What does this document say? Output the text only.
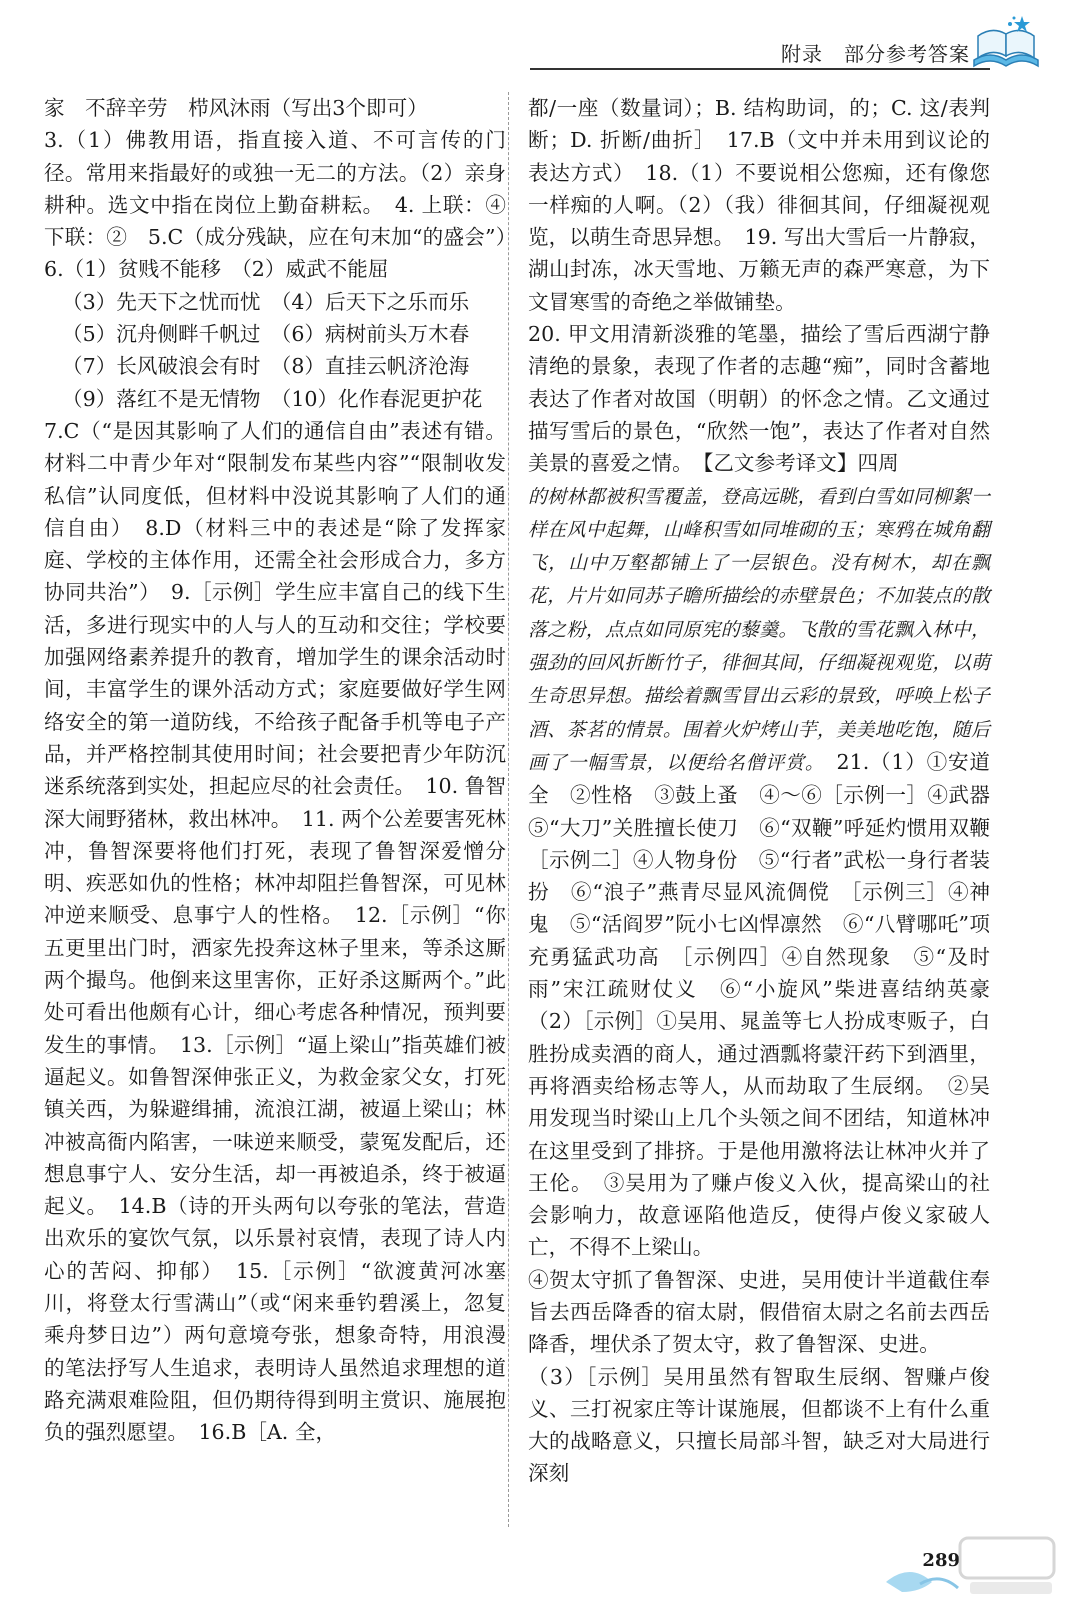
附录　部分参考答案

家　不辞辛劳　栉风沐雨（写出3个即可）

3.（1）佛教用语，指直接入道、不可言传的门径。常用来指最好的或独一无二的方法。（2）亲身耕种。选文中指在岗位上勤奋耕耘。　4. 上联：④　下联：②　5.C（成分残缺，应在句末加“的盛会”）　6.（1）贫贱不能移　（2）威武不能屈

（3）先天下之忧而忧　（4）后天下之乐而乐

（5）沉舟侧畔千帆过　（6）病树前头万木春

（7）长风破浪会有时　（8）直挂云帆济沧海

（9）落红不是无情物　（10）化作春泥更护花

7.C（“是因其影响了人们的通信自由”表述有错。材料二中青少年对“限制发布某些内容”“限制收发私信”认同度低，但材料中没说其影响了人们的通信自由）　8.D（材料三中的表述是“除了发挥家庭、学校的主体作用，还需全社会形成合力，多方协同共治”）　9.［示例］学生应丰富自己的线下生活，多进行现实中的人与人的互动和交往；学校要加强网络素养提升的教育，增加学生的课余活动时间，丰富学生的课外活动方式；家庭要做好学生网络安全的第一道防线，不给孩子配备手机等电子产品，并严格控制其使用时间；社会要把青少年防沉迷系统落到实处，担起应尽的社会责任。　10. 鲁智深大闹野猪林，救出林冲。　11. 两个公差要害死林冲，鲁智深要将他们打死，表现了鲁智深爱憎分明、疾恶如仇的性格；林冲却阻拦鲁智深，可见林冲逆来顺受、息事宁人的性格。　12.［示例］“你五更里出门时，洒家先投奔这林子里来，等杀这厮两个撮鸟。他倒来这里害你，正好杀这厮两个。”此处可看出他颇有心计，细心考虑各种情况，预判要发生的事情。　13.［示例］“逼上梁山”指英雄们被逼起义。如鲁智深伸张正义，为救金家父女，打死镇关西，为躲避缉捕，流浪江湖，被逼上梁山；林冲被高衙内陷害，一味逆来顺受，蒙冤发配后，还想息事宁人、安分生活，却一再被追杀，终于被逼起义。　14.B（诗的开头两句以夸张的笔法，营造出欢乐的宴饮气氛，以乐景衬哀情，表现了诗人内心的苦闷、抑郁）　15.［示例］“欲渡黄河冰塞川，将登太行雪满山”（或“闲来垂钓碧溪上，忽复乘舟梦日边”）两句意境夸张，想象奇特，用浪漫的笔法抒写人生追求，表明诗人虽然追求理想的道路充满艰难险阻，但仍期待得到明主赏识、施展抱负的强烈愿望。　16.B［A. 全，

都/一座（数量词）；B. 结构助词，的；C. 这/表判断；D. 折断/曲折］　17.B（文中并未用到议论的表达方式）　18.（1）不要说相公您痴，还有像您一样痴的人啊。（2）（我）徘徊其间，仔细凝视观览，以萌生奇思异想。　19. 写出大雪后一片静寂，湖山封冻，冰天雪地、万籁无声的森严寒意，为下文冒寒雪的奇绝之举做铺垫。

20. 甲文用清新淡雅的笔墨，描绘了雪后西湖宁静清绝的景象，表现了作者的志趣“痴”，同时含蓄地表达了作者对故国（明朝）的怀念之情。乙文通过描写雪后的景色，“欣然一饱”，表达了作者对自然美景的喜爱之情。　【乙文参考译文】四周

的树林都被积雪覆盖，登高远眺，看到白雪如同柳絮一样在风中起舞，山峰积雪如同堆砌的玉；寒鸦在城角翻飞，山中万壑都铺上了一层银色。没有树木，却在飘花，片片如同苏子瞻所描绘的赤壁景色；不加装点的散落之粉，点点如同原宪的藜羹。飞散的雪花飘入林中，强劲的回风折断竹子，徘徊其间，仔细凝视观览，以萌生奇思异想。描绘着飘雪冒出云彩的景致，呼唤上松子酒、茶茗的情景。围着火炉烤山芋，美美地吃饱，随后画了一幅雪景，以便给名僧评赏。　21.（1）①安道全　②性格　③鼓上蚤　④～⑥［示例一］④武器　⑤“大刀”关胜擅长使刀　⑥“双鞭”呼延灼惯用双鞭　［示例二］④人物身份　⑤“行者”武松一身行者装扮　⑥“浪子”燕青尽显风流倜傥　［示例三］④神鬼　⑤“活阎罗”阮小七凶悍凛然　⑥“八臂哪吒”项充勇猛武功高　［示例四］④自然现象　⑤“及时雨”宋江疏财仗义　⑥“小旋风”柴进喜结纳英豪　（2）［示例］①吴用、晁盖等七人扮成枣贩子，白胜扮成卖酒的商人，通过酒瓢将蒙汗药下到酒里，再将酒卖给杨志等人，从而劫取了生辰纲。　②吴用发现当时梁山上几个头领之间不团结，知道林冲在这里受到了排挤。于是他用激将法让林冲火并了王伦。　③吴用为了赚卢俊义入伙，提高梁山的社会影响力，故意诬陷他造反，使得卢俊义家破人亡，不得不上梁山。

④贺太守抓了鲁智深、史进，吴用使计半道截住奉旨去西岳降香的宿太尉，假借宿太尉之名前去西岳降香，埋伏杀了贺太守，救了鲁智深、史进。

（3）［示例］吴用虽然有智取生辰纲、智赚卢俊义、三打祝家庄等计谋施展，但都谈不上有什么重大的战略意义，只擅长局部斗智，缺乏对大局进行深刻

289
